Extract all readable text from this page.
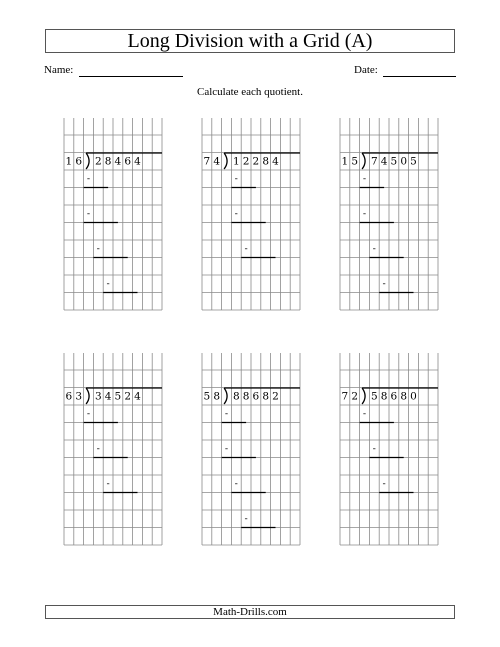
Long Division with a Grid (A)
Name:	Date:
Calculate each quotient.
1 6 2 8 4 6 4
-
-
-
-
7 4 1 2 2 8 4
-
-
-
1 5 7 4 5 0 5
-
-
-
-
6 3 3 4 5 2 4
-
-
-
5 8 8 8 6 8 2
-
-
-
-
7 2 5 8 6 8 0
-
-
-
Math-Drills.com
